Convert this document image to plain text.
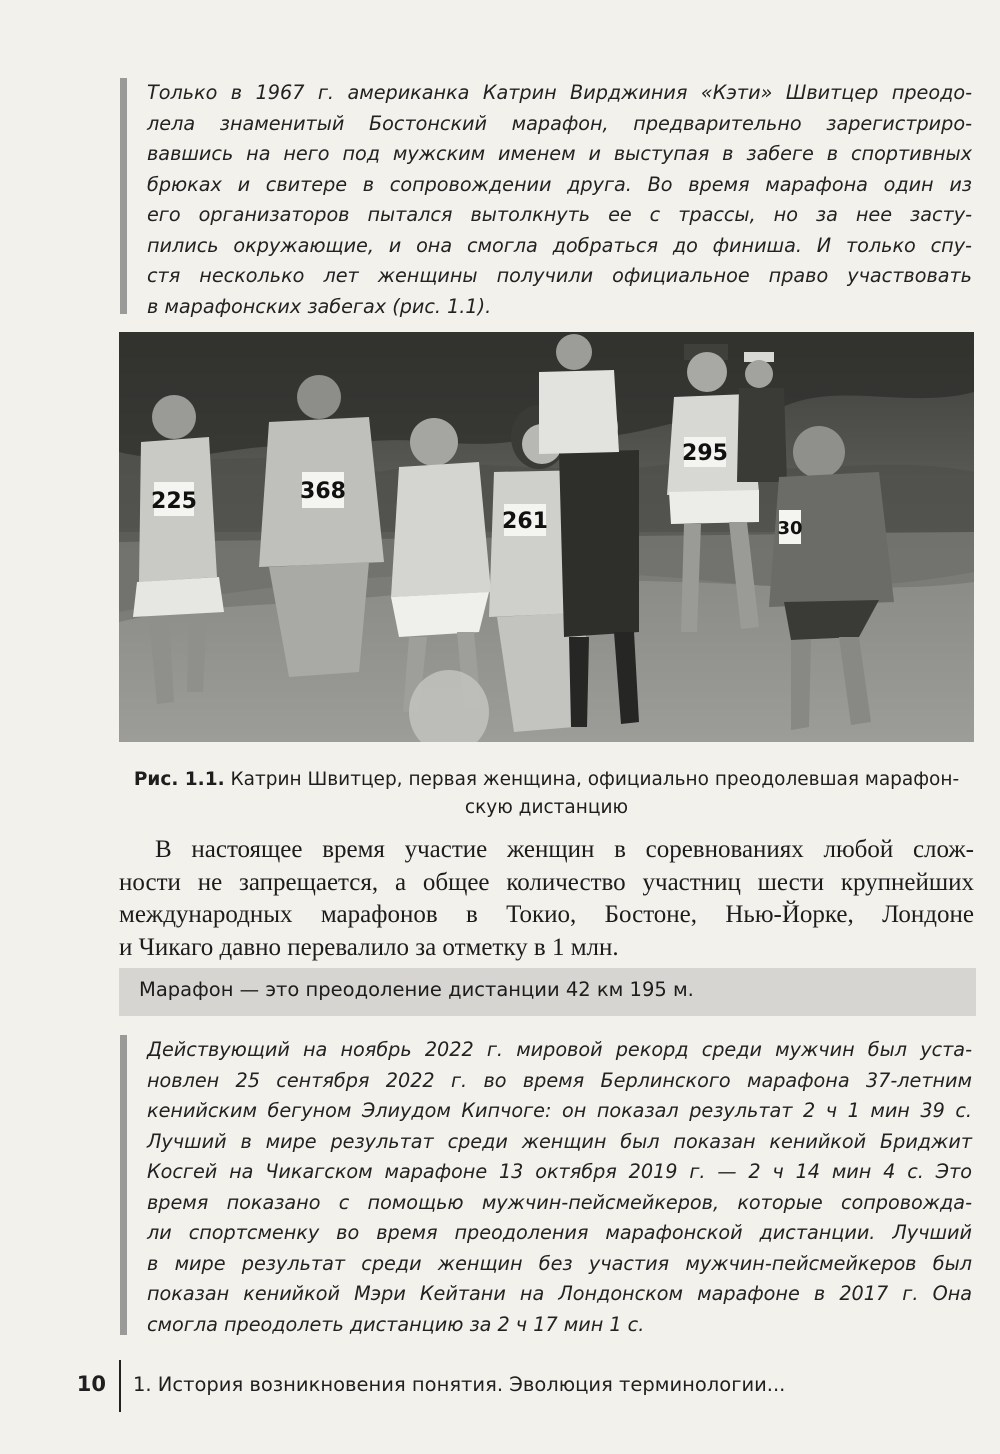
Только в 1967 г. американка Катрин Вирджиния «Кэти» Швитцер преодо-
лела знаменитый Бостонский марафон, предварительно зарегистриро-
вавшись на него под мужским именем и выступая в забеге в спортивных
брюках и свитере в сопровождении друга. Во время марафона один из
его организаторов пытался вытолкнуть ее с трассы, но за нее засту-
пились окружающие, и она смогла добраться до финиша. И только спу-
стя несколько лет женщины получили официальное право участвовать
в марафонских забегах (рис. 1.1).
225	368
261
295
30
Рис. 1.1. Катрин Швитцер, первая женщина, официально преодолевшая марафон-
скую дистанцию
В настоящее время участие женщин в соревнованиях любой слож-
ности не запрещается, а общее количество участниц шести крупнейших
международных марафонов в Токио, Бостоне, Нью-Йорке, Лондоне
и Чикаго давно перевалило за отметку в 1 млн.
Марафон — это преодоление дистанции 42 км 195 м.
Действующий на ноябрь 2022 г. мировой рекорд среди мужчин был уста-
новлен 25 сентября 2022 г. во время Берлинского марафона 37-летним
кенийским бегуном Элиудом Кипчоге: он показал результат 2 ч 1 мин 39 с.
Лучший в мире результат среди женщин был показан кенийкой Бриджит
Косгей на Чикагском марафоне 13 октября 2019 г. — 2 ч 14 мин 4 с. Это
время показано с помощью мужчин-пейсмейкеров, которые сопровожда-
ли спортсменку во время преодоления марафонской дистанции. Лучший
в мире результат среди женщин без участия мужчин-пейсмейкеров был
показан кенийкой Мэри Кейтани на Лондонском марафоне в 2017 г. Она
смогла преодолеть дистанцию за 2 ч 17 мин 1 с.
10 1. История возникновения понятия. Эволюция терминологии...
